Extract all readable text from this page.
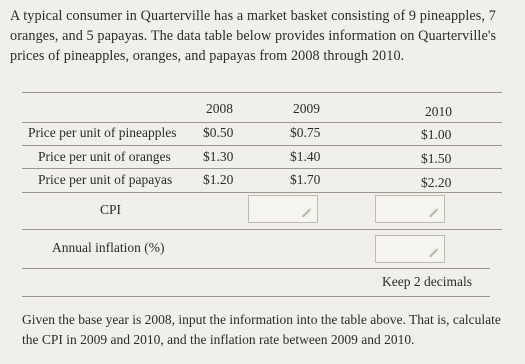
A typical consumer in Quarterville has a market basket consisting of 9 pineapples, 7 oranges, and 5 papayas. The data table below provides information on Quarterville's prices of pineapples, oranges, and papayas from 2008 through 2010.

2008	2009	2010
Price per unit of pineapples $0.50	$0.75	$1.00
Price per unit of oranges $1.30	$1.40	$1.50
Price per unit of papayas $1.20	$1.70	$2.20
CPI
Annual inflation (%)
Keep 2 decimals

Given the base year is 2008, input the information into the table above. That is, calculate the CPI in 2009 and 2010, and the inflation rate between 2009 and 2010.
